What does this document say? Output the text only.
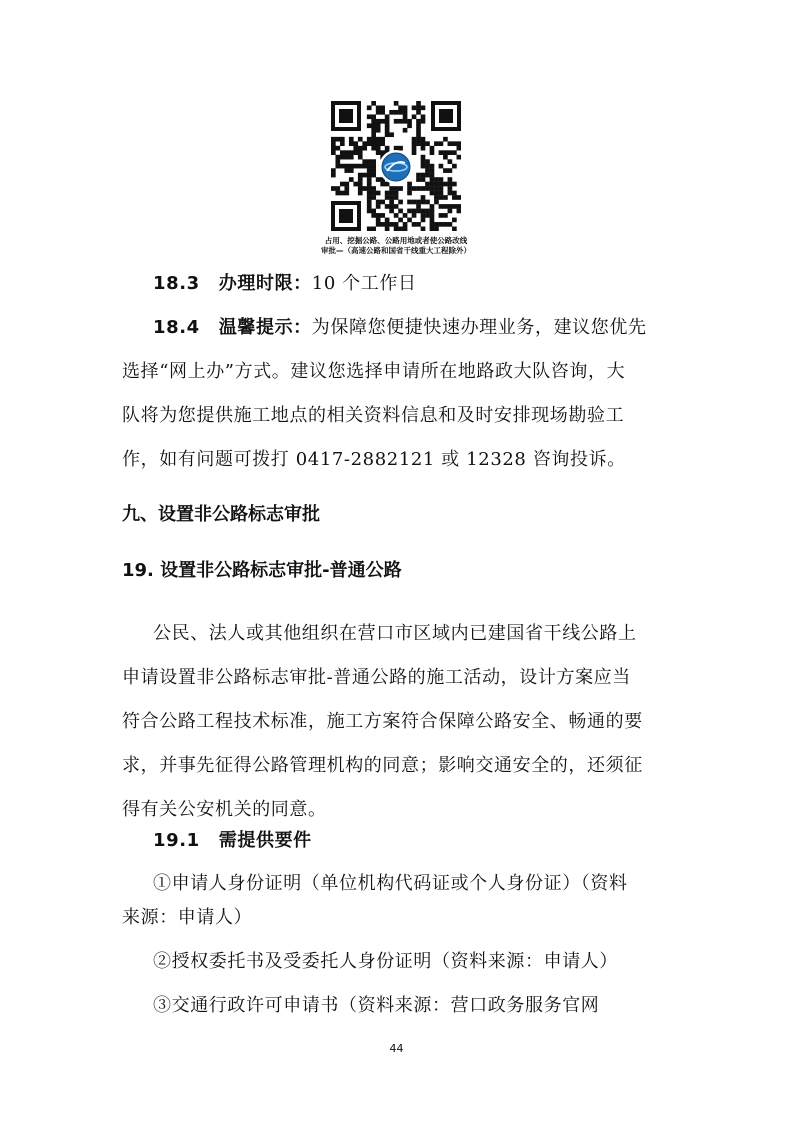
占用、挖掘公路、公路用地或者使公路改线
审批—（高速公路和国省干线重大工程除外）
18.3 办理时限：10 个工作日
18.4 温馨提示：为保障您便捷快速办理业务，建议您优先
选择“网上办”方式。建议您选择申请所在地路政大队咨询，大
队将为您提供施工地点的相关资料信息和及时安排现场勘验工
作，如有问题可拨打 0417-2882121 或 12328 咨询投诉。
九、设置非公路标志审批
19. 设置非公路标志审批-普通公路
公民、法人或其他组织在营口市区域内已建国省干线公路上
申请设置非公路标志审批-普通公路的施工活动，设计方案应当
符合公路工程技术标准，施工方案符合保障公路安全、畅通的要
求，并事先征得公路管理机构的同意；影响交通安全的，还须征
得有关公安机关的同意。
19.1 需提供要件
①申请人身份证明（单位机构代码证或个人身份证）（资料
来源：申请人）
②授权委托书及受委托人身份证明（资料来源：申请人）
③交通行政许可申请书（资料来源：营口政务服务官网
44
